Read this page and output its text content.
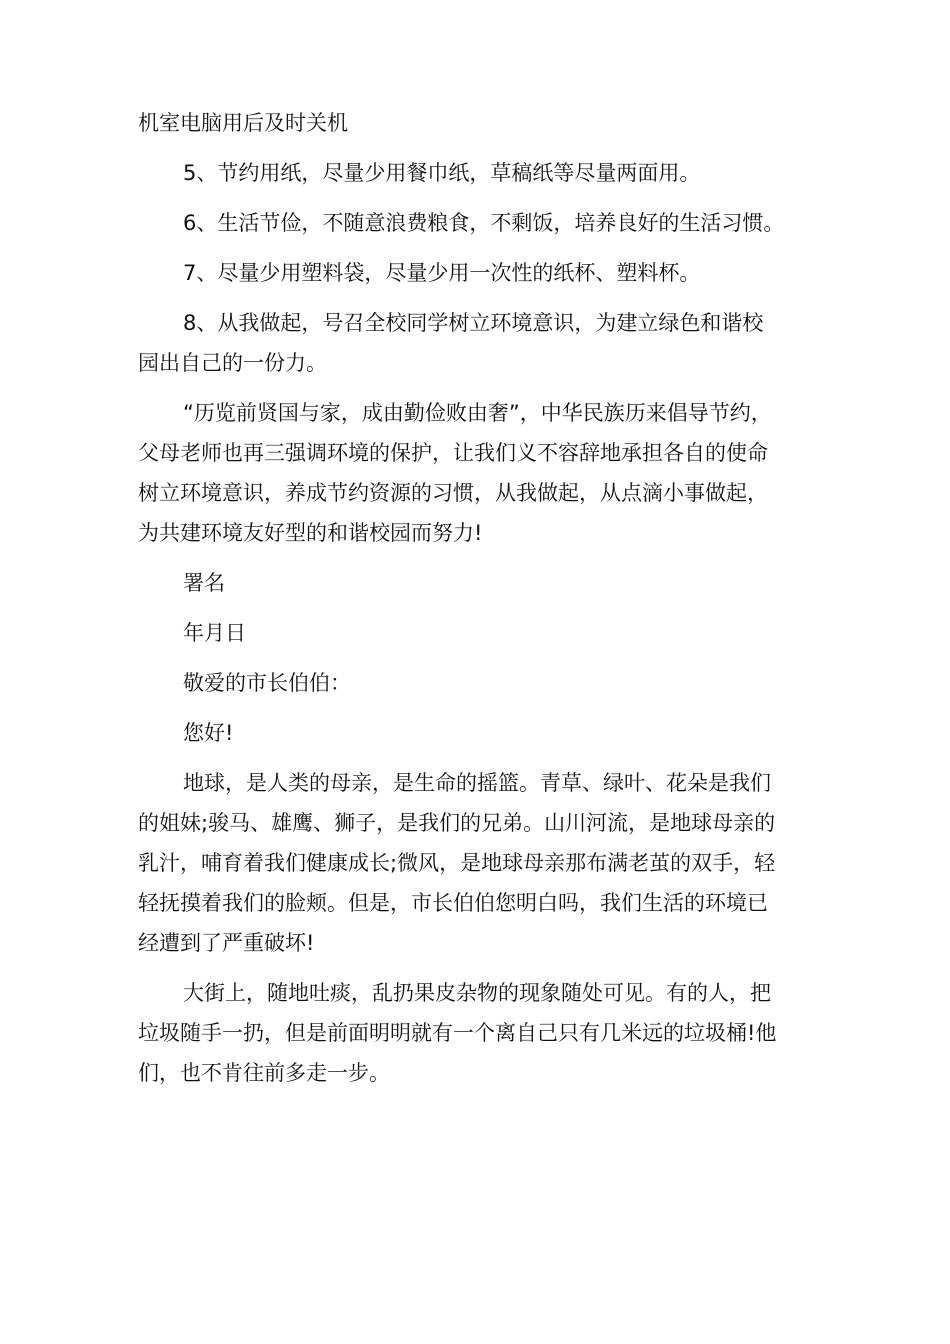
机室电脑用后及时关机
5、节约用纸，尽量少用餐巾纸，草稿纸等尽量两面用。
6、生活节俭，不随意浪费粮食，不剩饭，培养良好的生活习惯。
7、尽量少用塑料袋，尽量少用一次性的纸杯、塑料杯。
8、从我做起，号召全校同学树立环境意识，为建立绿色和谐校
园出自己的一份力。
“历览前贤国与家，成由勤俭败由奢”，中华民族历来倡导节约，
父母老师也再三强调环境的保护，让我们义不容辞地承担各自的使命
树立环境意识，养成节约资源的习惯，从我做起，从点滴小事做起，
为共建环境友好型的和谐校园而努力!
署名
年月日
敬爱的市长伯伯：
您好!
地球，是人类的母亲，是生命的摇篮。青草、绿叶、花朵是我们
的姐妹;骏马、雄鹰、狮子，是我们的兄弟。山川河流，是地球母亲的
乳汁，哺育着我们健康成长;微风，是地球母亲那布满老茧的双手，轻
轻抚摸着我们的脸颊。但是，市长伯伯您明白吗，我们生活的环境已
经遭到了严重破坏!
大街上，随地吐痰，乱扔果皮杂物的现象随处可见。有的人，把
垃圾随手一扔，但是前面明明就有一个离自己只有几米远的垃圾桶!他
们，也不肯往前多走一步。
